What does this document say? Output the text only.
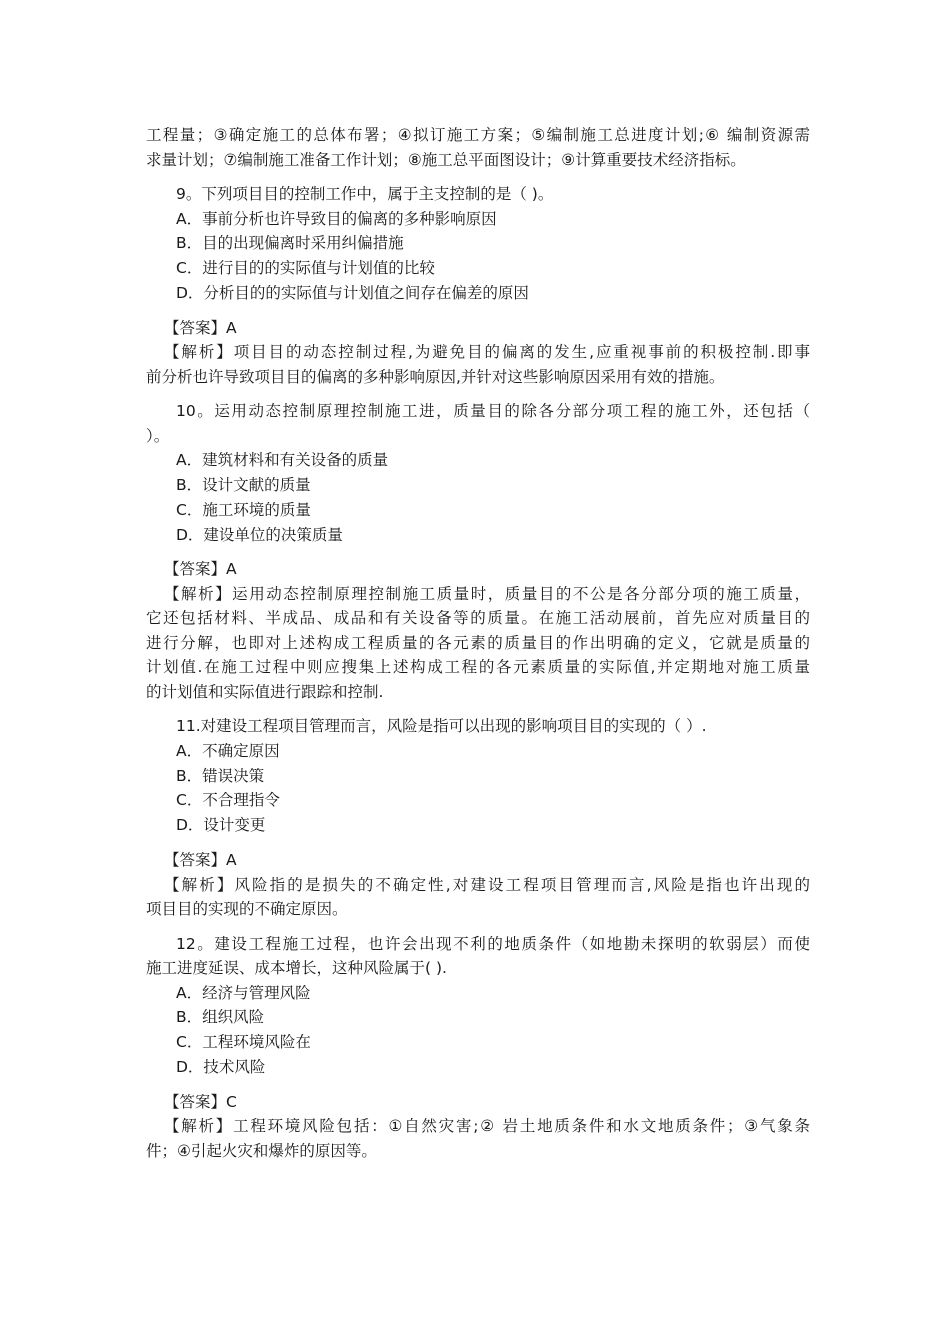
工程量；③确定施工的总体布署；④拟订施工方案；⑤编制施工总进度计划;⑥ 编制资源需
求量计划；⑦编制施工准备工作计划；⑧施工总平面图设计；⑨计算重要技术经济指标。
9。下列项目目的控制工作中，属于主支控制的是（ )。
A．事前分析也许导致目的偏离的多种影响原因
B．目的出现偏离时采用纠偏措施
C．进行目的的实际值与计划值的比较
D．分析目的的实际值与计划值之间存在偏差的原因
【答案】A
【解析】项目目的动态控制过程,为避免目的偏离的发生,应重视事前的积极控制.即事
前分析也许导致项目目的偏离的多种影响原因,并针对这些影响原因采用有效的措施。
10。运用动态控制原理控制施工进，质量目的除各分部分项工程的施工外，还包括（
）。
A．建筑材料和有关设备的质量
B．设计文献的质量
C．施工环境的质量
D．建设单位的决策质量
【答案】A
【解析】运用动态控制原理控制施工质量时，质量目的不公是各分部分项的施工质量，
它还包括材料、半成品、成品和有关设备等的质量。在施工活动展前，首先应对质量目的
进行分解，也即对上述构成工程质量的各元素的质量目的作出明确的定义，它就是质量的
计划值.在施工过程中则应搜集上述构成工程的各元素质量的实际值,并定期地对施工质量
的计划值和实际值进行跟踪和控制.
11.对建设工程项目管理而言，风险是指可以出现的影响项目目的实现的（ ）.
A．不确定原因
B．错误决策
C．不合理指令
D．设计变更
【答案】A
【解析】风险指的是损失的不确定性,对建设工程项目管理而言,风险是指也许出现的
项目目的实现的不确定原因。
12。建设工程施工过程，也许会出现不利的地质条件（如地勘未探明的软弱层）而使
施工进度延误、成本增长，这种风险属于( ).
A．经济与管理风险
B．组织风险
C．工程环境风险在
D．技术风险
【答案】C
【解析】工程环境风险包括：①自然灾害;② 岩土地质条件和水文地质条件；③气象条
件；④引起火灾和爆炸的原因等。
